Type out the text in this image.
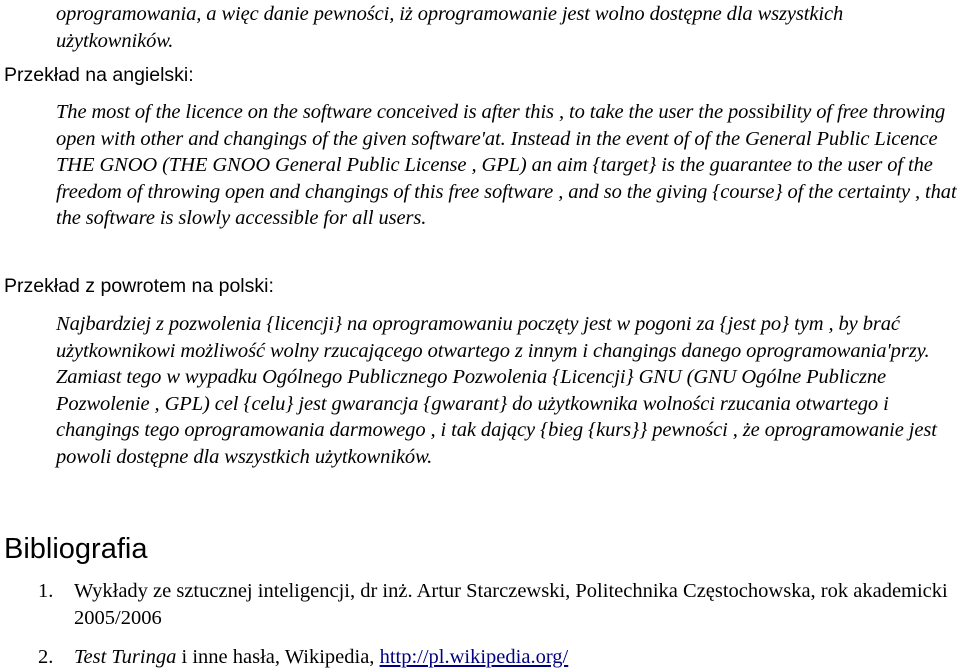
oprogramowania, a więc danie pewności, iż oprogramowanie jest wolno dostępne dla wszystkich użytkowników.

Przekład na angielski:

The most of the licence on the software conceived is after this , to take the user the possibility of free throwing open with other and changings of the given software'at. Instead in the event of of the General Public Licence THE GNOO (THE GNOO General Public License , GPL) an aim {target} is the guarantee to the user of the freedom of throwing open and changings of this free software , and so the giving {course} of the certainty , that the software is slowly accessible for all users.

Przekład z powrotem na polski:

Najbardziej z pozwolenia {licencji} na oprogramowaniu poczęty jest w pogoni za {jest po} tym , by brać użytkownikowi możliwość wolny rzucającego otwartego z innym i changings danego oprogramowania'przy. Zamiast tego w wypadku Ogólnego Publicznego Pozwolenia {Licencji} GNU (GNU Ogólne Publiczne Pozwolenie , GPL) cel {celu} jest gwarancja {gwarant} do użytkownika wolności rzucania otwartego i changings tego oprogramowania darmowego , i tak dający {bieg {kurs}} pewności , że oprogramowanie jest powoli dostępne dla wszystkich użytkowników.

Bibliografia
1. Wykłady ze sztucznej inteligencji, dr inż. Artur Starczewski, Politechnika Częstochowska, rok akademicki 2005/2006
2. Test Turinga i inne hasła, Wikipedia, http://pl.wikipedia.org/
